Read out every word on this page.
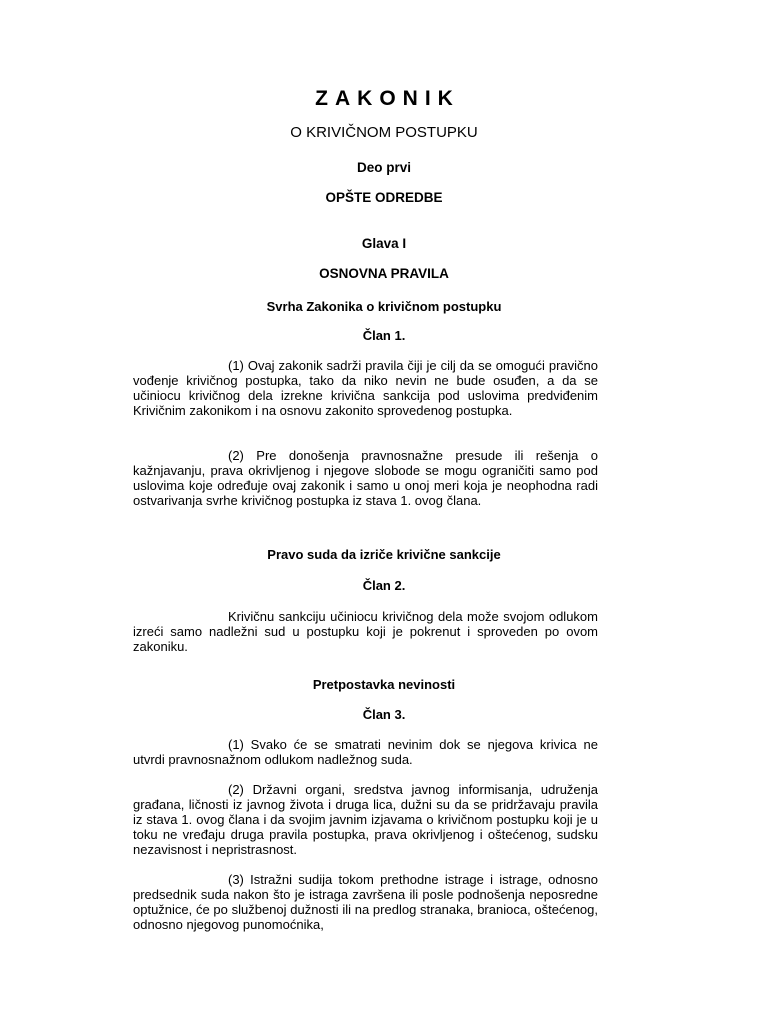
ZAKONIK
O KRIVIČNOM POSTUPKU
Deo prvi
OPŠTE ODREDBE
Glava I
OSNOVNA PRAVILA
Svrha Zakonika o krivičnom postupku
Član 1.

(1) Ovaj zakonik sadrži pravila čiji je cilj da se omogući pravično vođenje krivičnog postupka, tako da niko nevin ne bude osuđen, a da se učiniocu krivičnog dela izrekne krivična sankcija pod uslovima predviđenim Krivičnim zakonikom i na osnovu zakonito sprovedenog postupka.

(2) Pre donošenja pravnosnažne presude ili rešenja o kažnjavanju, prava okrivljenog i njegove slobode se mogu ograničiti samo pod uslovima koje određuje ovaj zakonik i samo u onoj meri koja je neophodna radi ostvarivanja svrhe krivičnog postupka iz stava 1. ovog člana.

Pravo suda da izriče krivične sankcije
Član 2.

Krivičnu sankciju učiniocu krivičnog dela može svojom odlukom izreći samo nadležni sud u postupku koji je pokrenut i sproveden po ovom zakoniku.

Pretpostavka nevinosti
Član 3.

(1) Svako će se smatrati nevinim dok se njegova krivica ne utvrdi pravnosnažnom odlukom nadležnog suda.

(2) Državni organi, sredstva javnog informisanja, udruženja građana, ličnosti iz javnog života i druga lica, dužni su da se pridržavaju pravila iz stava 1. ovog člana i da svojim javnim izjavama o krivičnom postupku koji je u toku ne vređaju druga pravila postupka, prava okrivljenog i oštećenog, sudsku nezavisnost i nepristrasnost.

(3) Istražni sudija tokom prethodne istrage i istrage, odnosno predsednik suda nakon što je istraga završena ili posle podnošenja neposredne optužnice, će po službenoj dužnosti ili na predlog stranaka, branioca, oštećenog, odnosno njegovog punomoćnika,
